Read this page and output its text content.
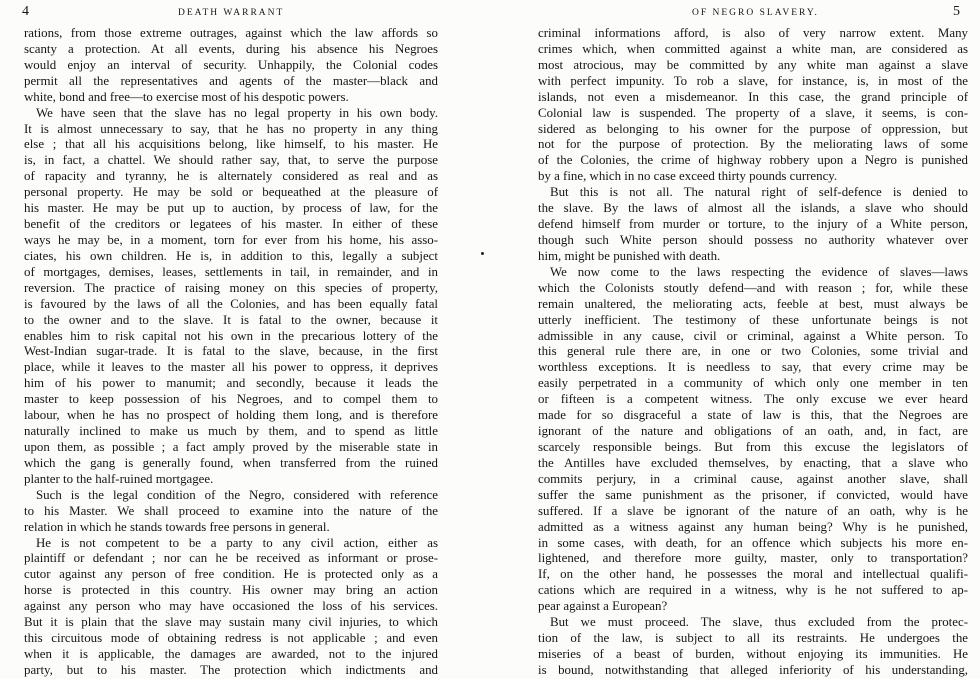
4	DEATH WARRANT
rations, from those extreme outrages, against which the law affords so
scanty a protection. At all events, during his absence his Negroes
would enjoy an interval of security. Unhappily, the Colonial codes
permit all the representatives and agents of the master—black and
white, bond and free—to exercise most of his despotic powers.
We have seen that the slave has no legal property in his own body.
It is almost unnecessary to say, that he has no property in any thing
else ; that all his acquisitions belong, like himself, to his master. He
is, in fact, a chattel. We should rather say, that, to serve the purpose
of rapacity and tyranny, he is alternately considered as real and as
personal property. He may be sold or bequeathed at the pleasure of
his master. He may be put up to auction, by process of law, for the
benefit of the creditors or legatees of his master. In either of these
ways he may be, in a moment, torn for ever from his home, his asso-
ciates, his own children. He is, in addition to this, legally a subject
of mortgages, demises, leases, settlements in tail, in remainder, and in
reversion. The practice of raising money on this species of property,
is favoured by the laws of all the Colonies, and has been equally fatal
to the owner and to the slave. It is fatal to the owner, because it
enables him to risk capital not his own in the precarious lottery of the
West-Indian sugar-trade. It is fatal to the slave, because, in the first
place, while it leaves to the master all his power to oppress, it deprives
him of his power to manumit; and secondly, because it leads the
master to keep possession of his Negroes, and to compel them to
labour, when he has no prospect of holding them long, and is therefore
naturally inclined to make us much by them, and to spend as little
upon them, as possible ; a fact amply proved by the miserable state in
which the gang is generally found, when transferred from the ruined
planter to the half-ruined mortgagee.
Such is the legal condition of the Negro, considered with reference
to his Master. We shall proceed to examine into the nature of the
relation in which he stands towards free persons in general.
He is not competent to be a party to any civil action, either as
plaintiff or defendant ; nor can he be received as informant or prose-
cutor against any person of free condition. He is protected only as a
horse is protected in this country. His owner may bring an action
against any person who may have occasioned the loss of his services.
But it is plain that the slave may sustain many civil injuries, to which
this circuitous mode of obtaining redress is not applicable ; and even
when it is applicable, the damages are awarded, not to the injured
party, but to his master. The protection which indictments and
OF NEGRO SLAVERY.	5
criminal informations afford, is also of very narrow extent. Many
crimes which, when committed against a white man, are considered as
most atrocious, may be committed by any white man against a slave
with perfect impunity. To rob a slave, for instance, is, in most of the
islands, not even a misdemeanor. In this case, the grand principle of
Colonial law is suspended. The property of a slave, it seems, is con-
sidered as belonging to his owner for the purpose of oppression, but
not for the purpose of protection. By the meliorating laws of some
of the Colonies, the crime of highway robbery upon a Negro is punished
by a fine, which in no case exceed thirty pounds currency.
But this is not all. The natural right of self-defence is denied to
the slave. By the laws of almost all the islands, a slave who should
defend himself from murder or torture, to the injury of a White person,
though such White person should possess no authority whatever over
him, might be punished with death.
We now come to the laws respecting the evidence of slaves—laws
which the Colonists stoutly defend—and with reason ; for, while these
remain unaltered, the meliorating acts, feeble at best, must always be
utterly inefficient. The testimony of these unfortunate beings is not
admissible in any cause, civil or criminal, against a White person. To
this general rule there are, in one or two Colonies, some trivial and
worthless exceptions. It is needless to say, that every crime may be
easily perpetrated in a community of which only one member in ten
or fifteen is a competent witness. The only excuse we ever heard
made for so disgraceful a state of law is this, that the Negroes are
ignorant of the nature and obligations of an oath, and, in fact, are
scarcely responsible beings. But from this excuse the legislators of
the Antilles have excluded themselves, by enacting, that a slave who
commits perjury, in a criminal cause, against another slave, shall
suffer the same punishment as the prisoner, if convicted, would have
suffered. If a slave be ignorant of the nature of an oath, why is he
admitted as a witness against any human being? Why is he punished,
in some cases, with death, for an offence which subjects his more en-
lightened, and therefore more guilty, master, only to transportation?
If, on the other hand, he possesses the moral and intellectual qualifi-
cations which are required in a witness, why is he not suffered to ap-
pear against a European?
But we must proceed. The slave, thus excluded from the protec-
tion of the law, is subject to all its restraints. He undergoes the
miseries of a beast of burden, without enjoying its immunities. He
is bound, notwithstanding that alleged inferiority of his understanding,
